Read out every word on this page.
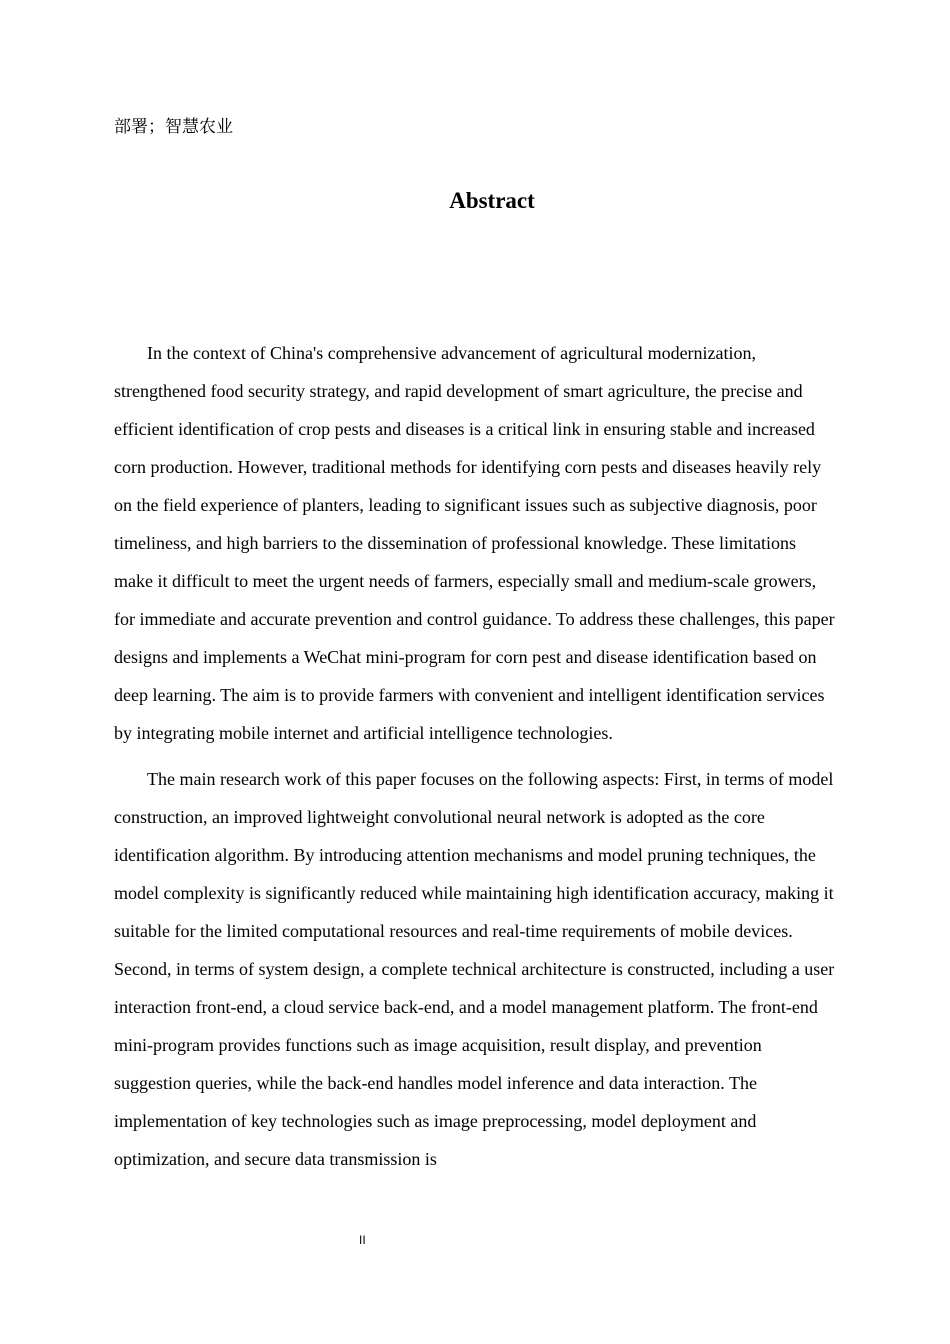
部署；智慧农业
Abstract

In the context of China's comprehensive advancement of agricultural modernization, strengthened food security strategy, and rapid development of smart agriculture, the precise and efficient identification of crop pests and diseases is a critical link in ensuring stable and increased corn production. However, traditional methods for identifying corn pests and diseases heavily rely on the field experience of planters, leading to significant issues such as subjective diagnosis, poor timeliness, and high barriers to the dissemination of professional knowledge. These limitations make it difficult to meet the urgent needs of farmers, especially small and medium-scale growers, for immediate and accurate prevention and control guidance. To address these challenges, this paper designs and implements a WeChat mini-program for corn pest and disease identification based on deep learning. The aim is to provide farmers with convenient and intelligent identification services by integrating mobile internet and artificial intelligence technologies.

The main research work of this paper focuses on the following aspects: First, in terms of model construction, an improved lightweight convolutional neural network is adopted as the core identification algorithm. By introducing attention mechanisms and model pruning techniques, the model complexity is significantly reduced while maintaining high identification accuracy, making it suitable for the limited computational resources and real-time requirements of mobile devices. Second, in terms of system design, a complete technical architecture is constructed, including a user interaction front-end, a cloud service back-end, and a model management platform. The front-end mini-program provides functions such as image acquisition, result display, and prevention suggestion queries, while the back-end handles model inference and data interaction. The implementation of key technologies such as image preprocessing, model deployment and optimization, and secure data transmission is

II
